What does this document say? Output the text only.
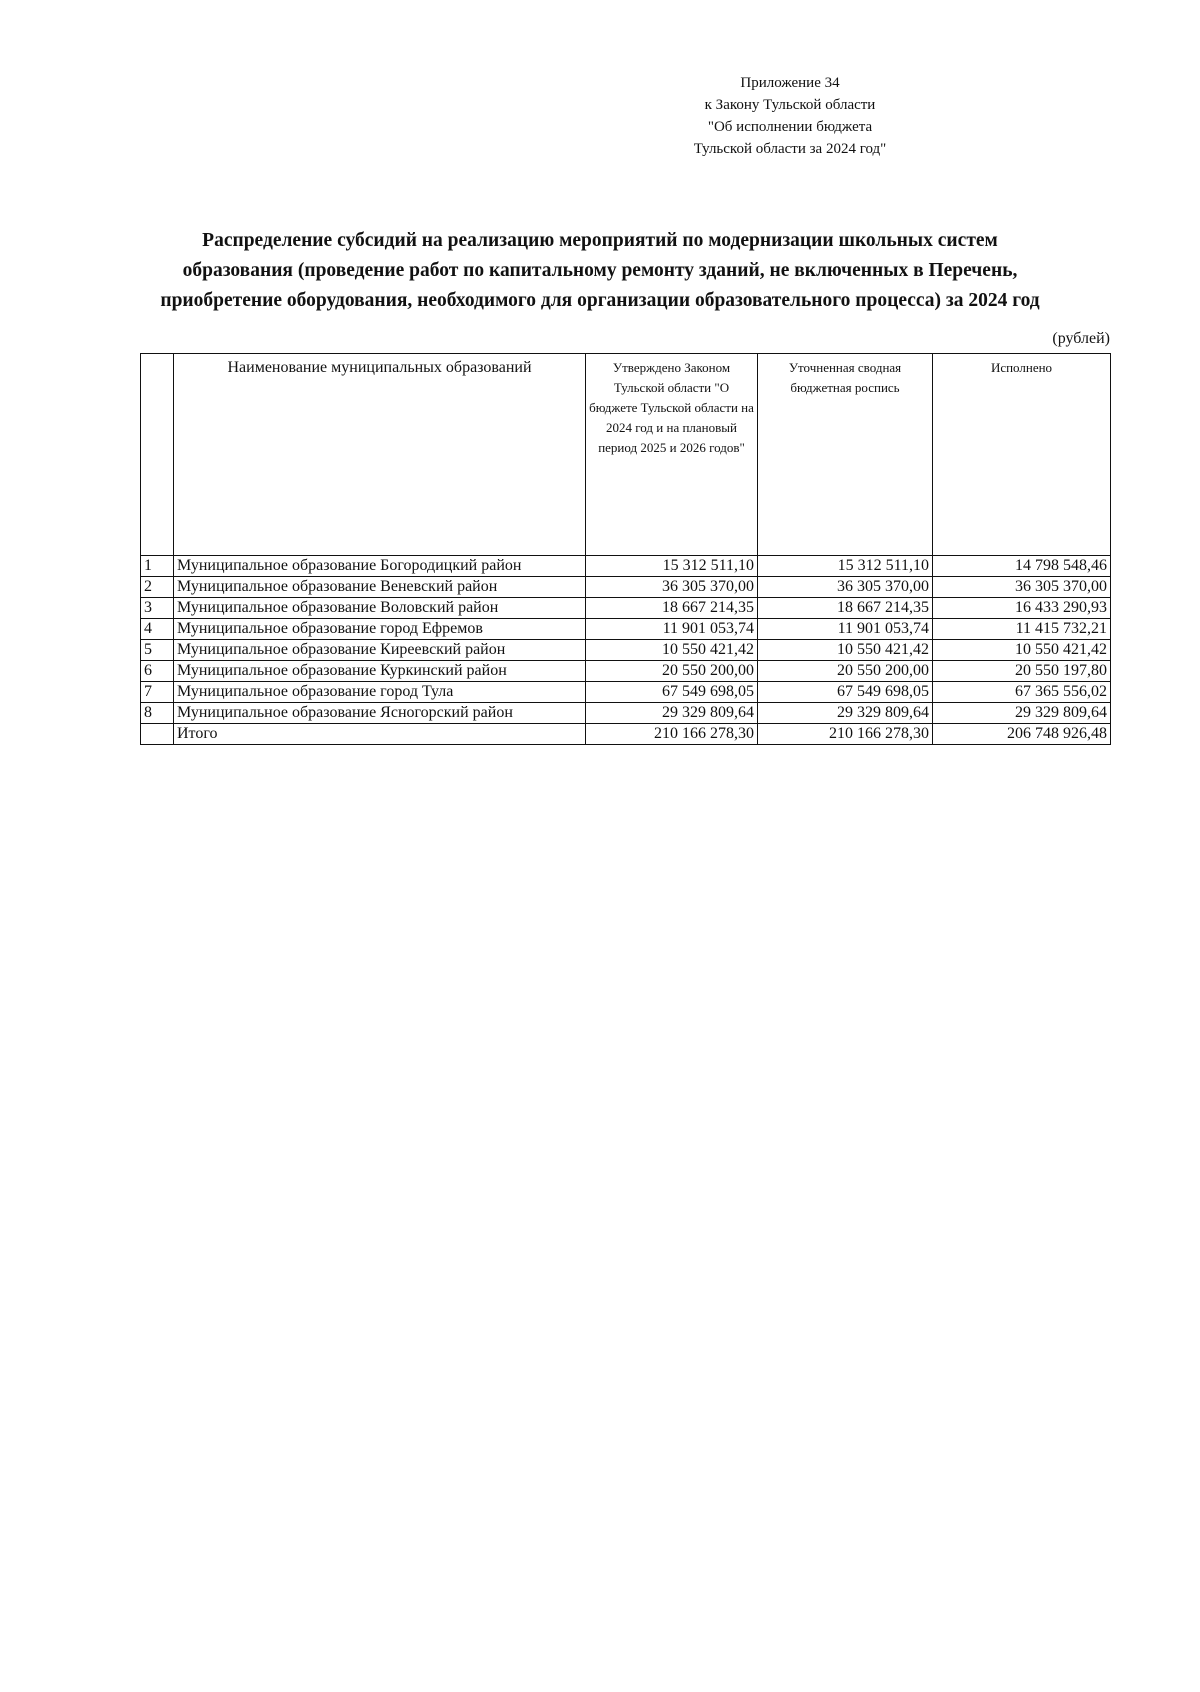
Приложение 34
к Закону Тульской области
"Об исполнении бюджета
Тульской области за 2024 год"
Распределение субсидий на реализацию мероприятий по модернизации школьных систем
образования (проведение работ по капитальному ремонту зданий, не включенных в Перечень,
приобретение оборудования, необходимого для организации образовательного процесса) за 2024 год
(рублей)
	Наименование муниципальных образований	Утверждено Законом Тульской области "О бюджете Тульской области на 2024 год и на плановый период 2025 и 2026 годов"	Уточненная сводная бюджетная роспись	Исполнено
1	Муниципальное образование Богородицкий район	15 312 511,10	15 312 511,10	14 798 548,46
2	Муниципальное образование Веневский район	36 305 370,00	36 305 370,00	36 305 370,00
3	Муниципальное образование Воловский район	18 667 214,35	18 667 214,35	16 433 290,93
4	Муниципальное образование город Ефремов	11 901 053,74	11 901 053,74	11 415 732,21
5	Муниципальное образование Киреевский район	10 550 421,42	10 550 421,42	10 550 421,42
6	Муниципальное образование Куркинский район	20 550 200,00	20 550 200,00	20 550 197,80
7	Муниципальное образование город Тула	67 549 698,05	67 549 698,05	67 365 556,02
8	Муниципальное образование Ясногорский район	29 329 809,64	29 329 809,64	29 329 809,64
	Итого	210 166 278,30	210 166 278,30	206 748 926,48
